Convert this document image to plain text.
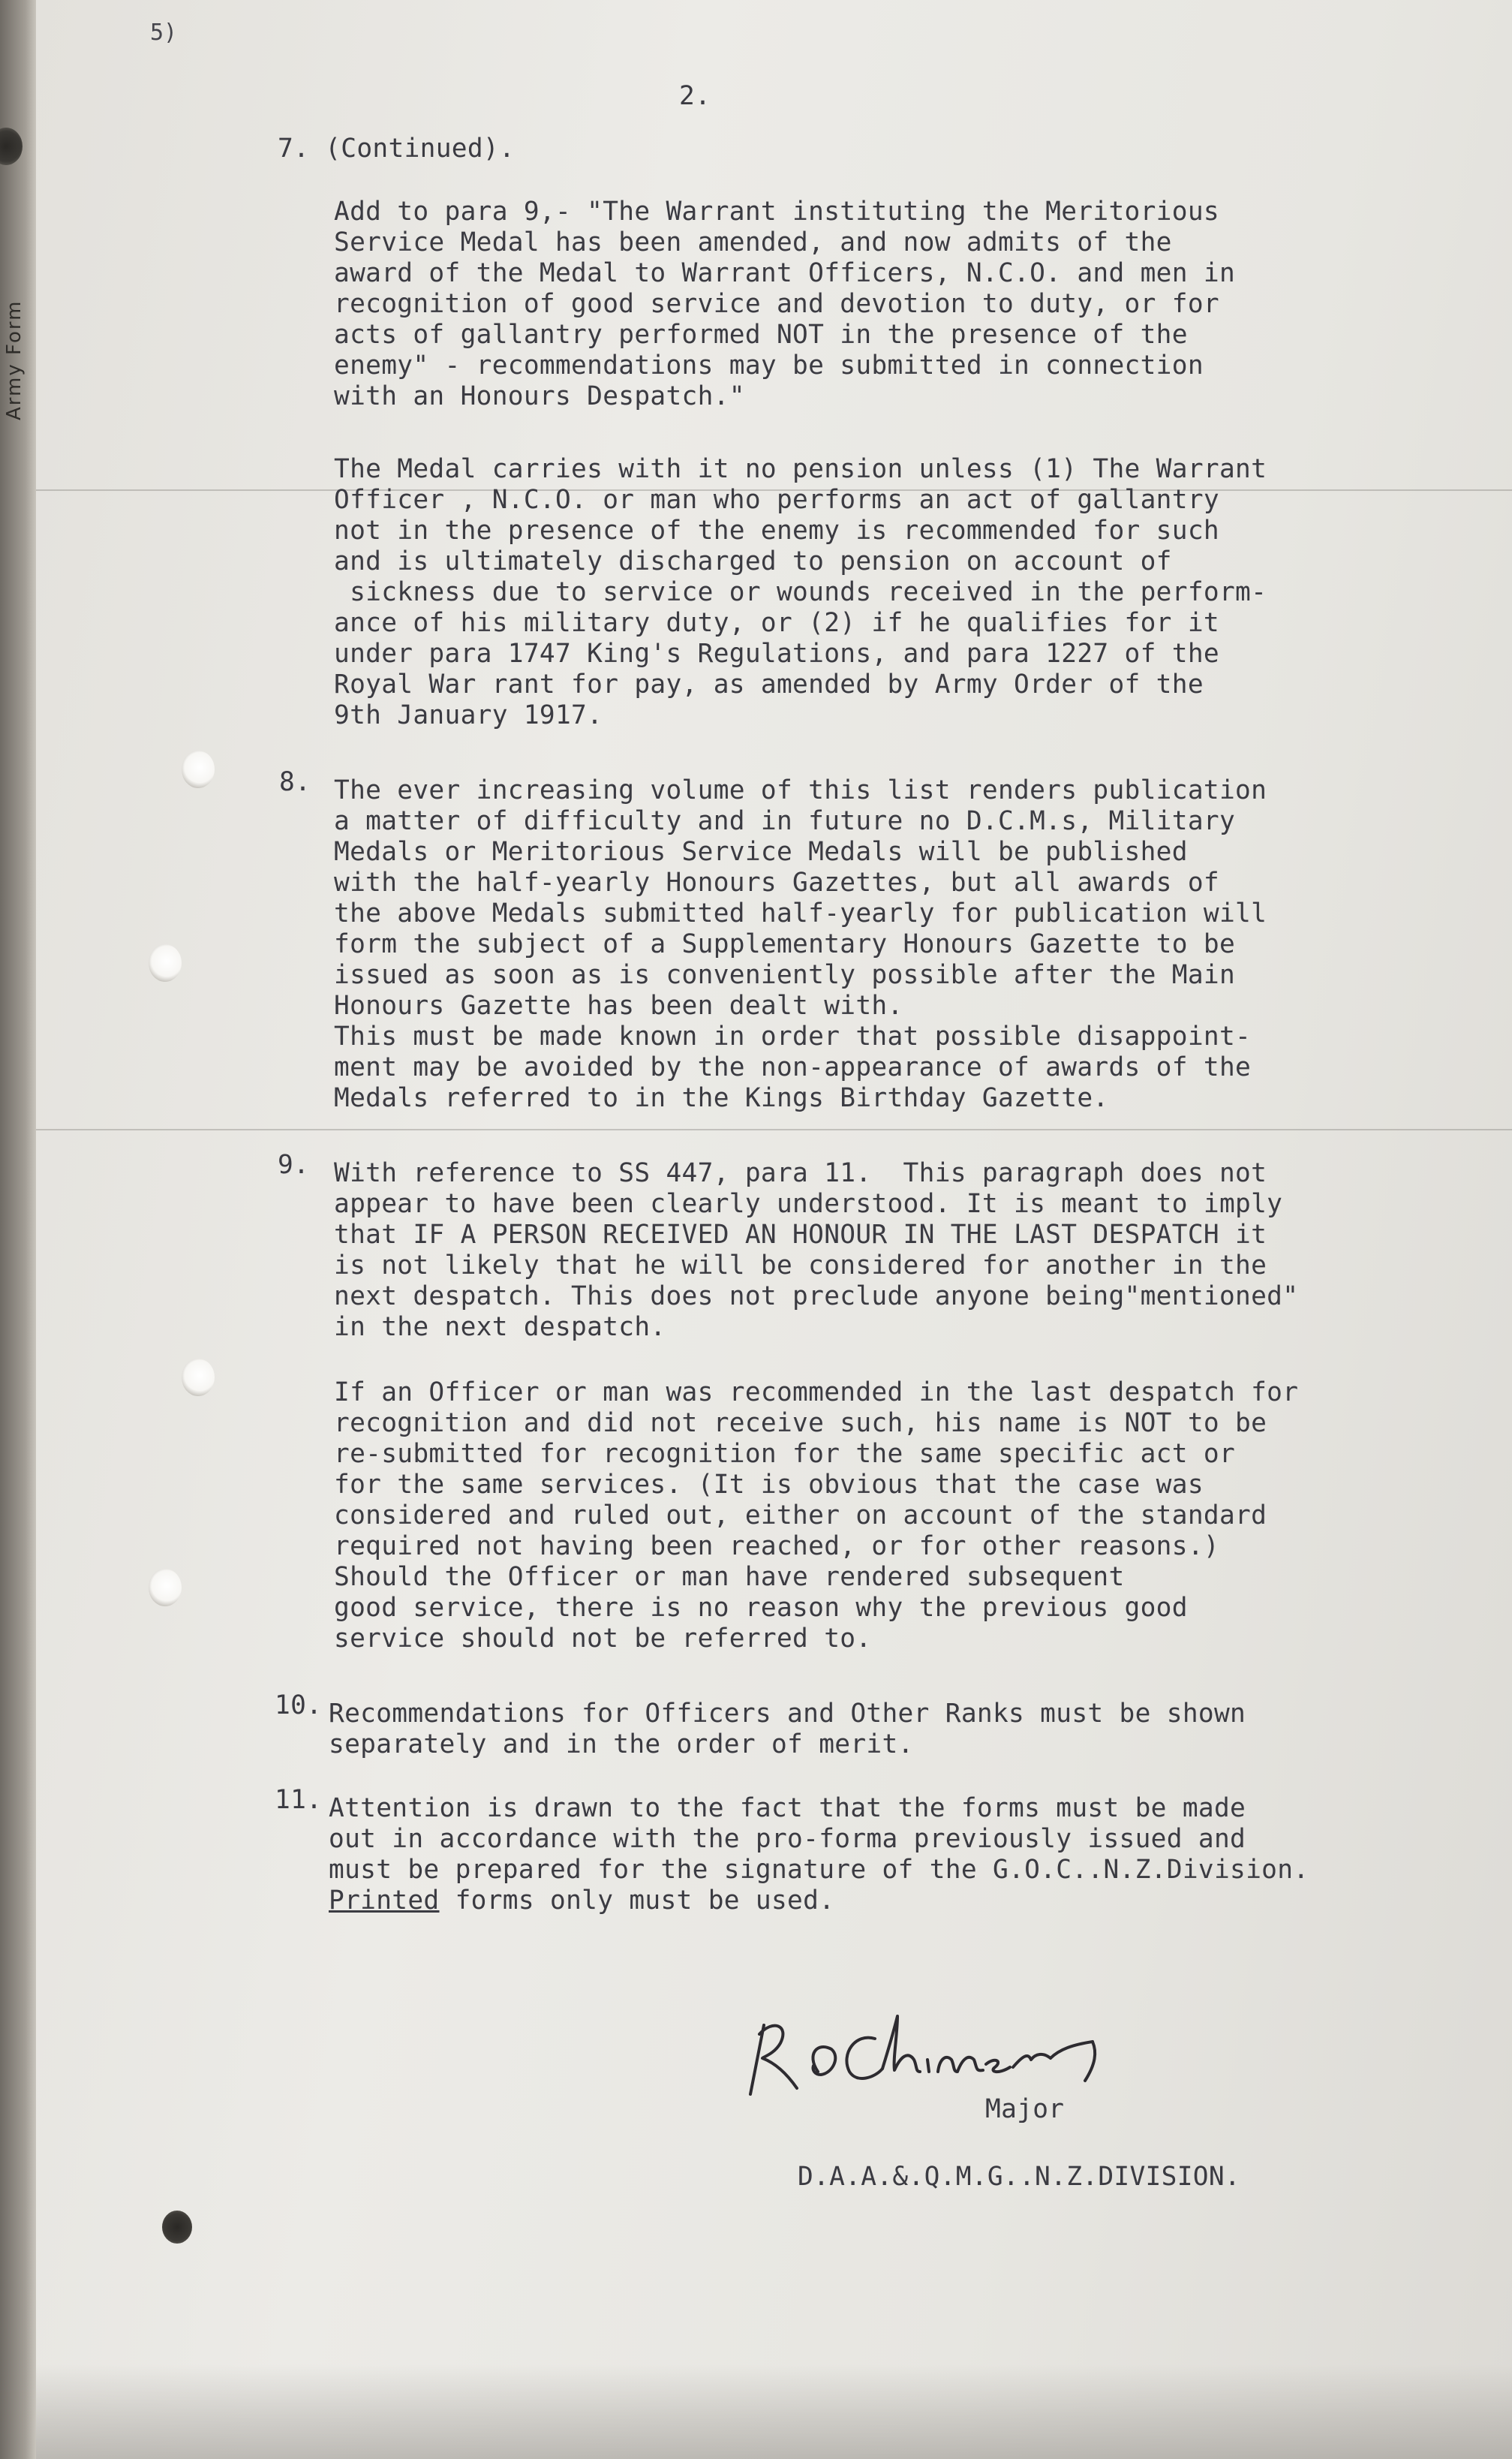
Army Form
5)
2.
7. (Continued).
Add to para 9,- "The Warrant instituting the Meritorious
Service Medal has been amended, and now admits of the
award of the Medal to Warrant Officers, N.C.O. and men in
recognition of good service and devotion to duty, or for
acts of gallantry performed NOT in the presence of the
enemy" - recommendations may be submitted in connection
with an Honours Despatch."
The Medal carries with it no pension unless (1) The Warrant
Officer , N.C.O. or man who performs an act of gallantry
not in the presence of the enemy is recommended for such
and is ultimately discharged to pension on account of
sickness due to service or wounds received in the perform-
ance of his military duty, or (2) if he qualifies for it
under para 1747 King's Regulations, and para 1227 of the
Royal War rant for pay, as amended by Army Order of the
9th January 1917.
8. The ever increasing volume of this list renders publication
a matter of difficulty and in future no D.C.M.s, Military
Medals or Meritorious Service Medals will be published
with the half-yearly Honours Gazettes, but all awards of
the above Medals submitted half-yearly for publication will
form the subject of a Supplementary Honours Gazette to be
issued as soon as is conveniently possible after the Main
Honours Gazette has been dealt with.
This must be made known in order that possible disappoint-
ment may be avoided by the non-appearance of awards of the
Medals referred to in the Kings Birthday Gazette.
9. With reference to SS 447, para 11.  This paragraph does not
appear to have been clearly understood. It is meant to imply
that IF A PERSON RECEIVED AN HONOUR IN THE LAST DESPATCH it
is not likely that he will be considered for another in the
next despatch. This does not preclude anyone being"mentioned"
in the next despatch.
If an Officer or man was recommended in the last despatch for
recognition and did not receive such, his name is NOT to be
re-submitted for recognition for the same specific act or
for the same services. (It is obvious that the case was
considered and ruled out, either on account of the standard
required not having been reached, or for other reasons.)
Should the Officer or man have rendered subsequent
good service, there is no reason why the previous good
service should not be referred to.
10. Recommendations for Officers and Other Ranks must be shown
separately and in the order of merit.
11. Attention is drawn to the fact that the forms must be made
out in accordance with the pro-forma previously issued and
must be prepared for the signature of the G.O.C..N.Z.Division.
Printed forms only must be used.
Major
D.A.A.&.Q.M.G..N.Z.DIVISION.
